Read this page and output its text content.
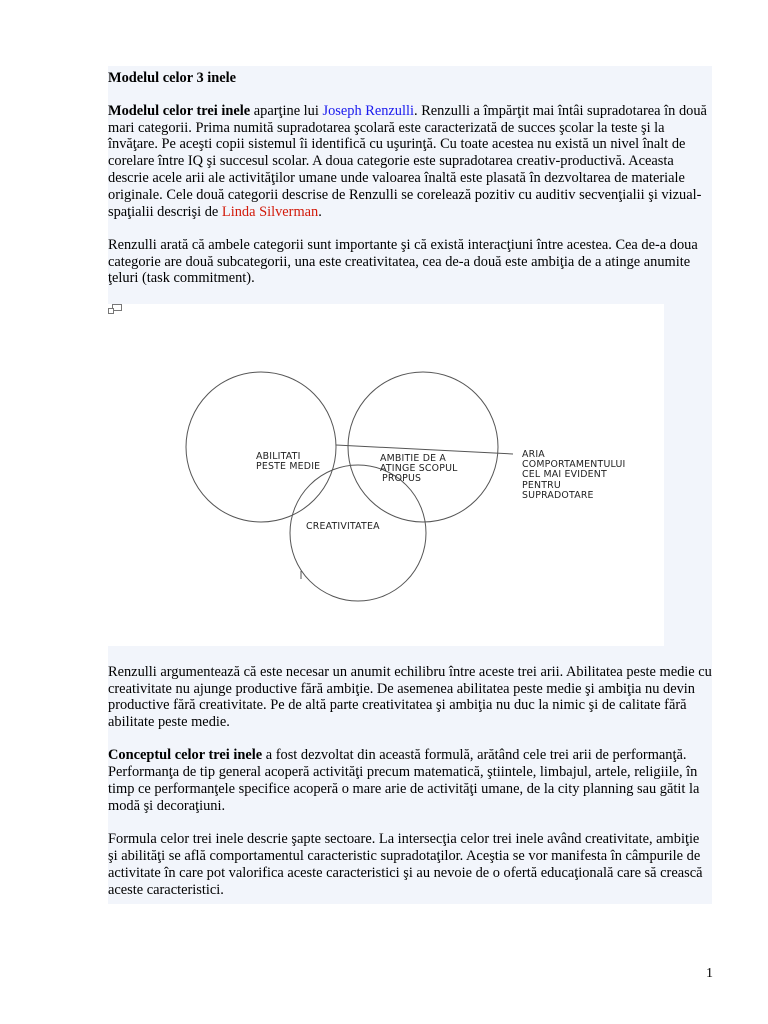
Modelul celor 3 inele

Modelul celor trei inele aparţine lui Joseph Renzulli. Renzulli a împărţit mai întâi supradotarea în două mari categorii. Prima numită supradotarea şcolară este caracterizată de succes şcolar la teste şi la învăţare. Pe aceşti copii sistemul îi identifică cu uşurinţă. Cu toate acestea nu există un nivel înalt de corelare între IQ şi succesul scolar. A doua categorie este supradotarea creativ-productivă. Aceasta descrie acele arii ale activităţilor umane unde valoarea înaltă este plasată în dezvoltarea de materiale originale. Cele două categorii descrise de Renzulli se corelează pozitiv cu auditiv secvenţialii şi vizual-spaţialii descrişi de Linda Silverman.

Renzulli arată că ambele categorii sunt importante şi că există interacţiuni între acestea. Cea de-a doua categorie are două subcategorii, una este creativitatea, cea de-a două este ambiţia de a atinge anumite ţeluri (task commitment).

ABILITATI
PESTE MEDIE
AMBITIE DE A
ATINGE SCOPUL
PROPUS
CREATIVITATEA
ARIA
COMPORTAMENTULUI
CEL MAI EVIDENT
PENTRU
SUPRADOTARE

Renzulli argumentează că este necesar un anumit echilibru între aceste trei arii. Abilitatea peste medie cu creativitate nu ajunge productive fără ambiţie. De asemenea abilitatea peste medie şi ambiţia nu devin productive fără creativitate. Pe de altă parte creativitatea şi ambiţia nu duc la nimic şi de calitate fără abilitate peste medie.

Conceptul celor trei inele a fost dezvoltat din această formulă, arătând cele trei arii de performanţă. Performanţa de tip general acoperă activităţi precum matematică, ştiintele, limbajul, artele, religiile, în timp ce performanţele specifice acoperă o mare arie de activităţi umane, de la city planning sau gătit la modă şi decoraţiuni.

Formula celor trei inele descrie şapte sectoare. La intersecţia celor trei inele având creativitate, ambiţie şi abilităţi se află comportamentul caracteristic supradotaţilor. Aceştia se vor manifesta în câmpurile de activitate în care pot valorifica aceste caracteristici şi au nevoie de o ofertă educaţională care să crească aceste caracteristici.

1
